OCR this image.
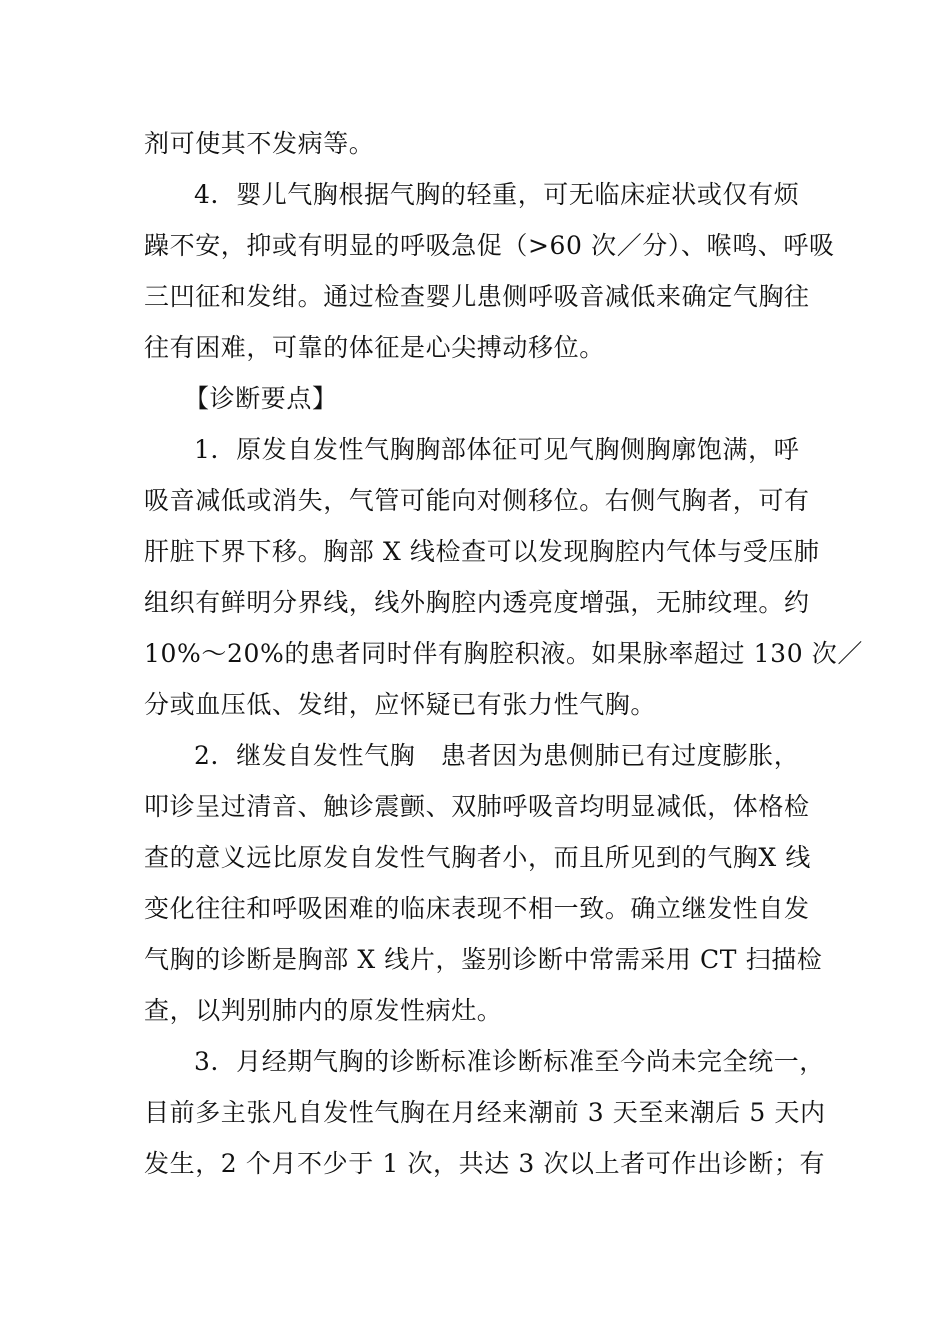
剂可使其不发病等。
4．婴儿气胸根据气胸的轻重，可无临床症状或仅有烦
躁不安，抑或有明显的呼吸急促（>60 次／分）、喉鸣、呼吸
三凹征和发绀。通过检查婴儿患侧呼吸音减低来确定气胸往
往有困难，可靠的体征是心尖搏动移位。
【诊断要点】
1．原发自发性气胸胸部体征可见气胸侧胸廓饱满，呼
吸音减低或消失，气管可能向对侧移位。右侧气胸者，可有
肝脏下界下移。胸部 X 线检查可以发现胸腔内气体与受压肺
组织有鲜明分界线，线外胸腔内透亮度增强，无肺纹理。约
10%～20%的患者同时伴有胸腔积液。如果脉率超过 130 次／
分或血压低、发绀，应怀疑已有张力性气胸。
2．继发自发性气胸　患者因为患侧肺已有过度膨胀，
叩诊呈过清音、触诊震颤、双肺呼吸音均明显减低，体格检
查的意义远比原发自发性气胸者小，而且所见到的气胸X 线
变化往往和呼吸困难的临床表现不相一致。确立继发性自发
气胸的诊断是胸部 X 线片，鉴别诊断中常需采用 CT 扫描检
查，以判别肺内的原发性病灶。
3．月经期气胸的诊断标准诊断标准至今尚未完全统一，
目前多主张凡自发性气胸在月经来潮前 3 天至来潮后 5 天内
发生，2 个月不少于 1 次，共达 3 次以上者可作出诊断；有
